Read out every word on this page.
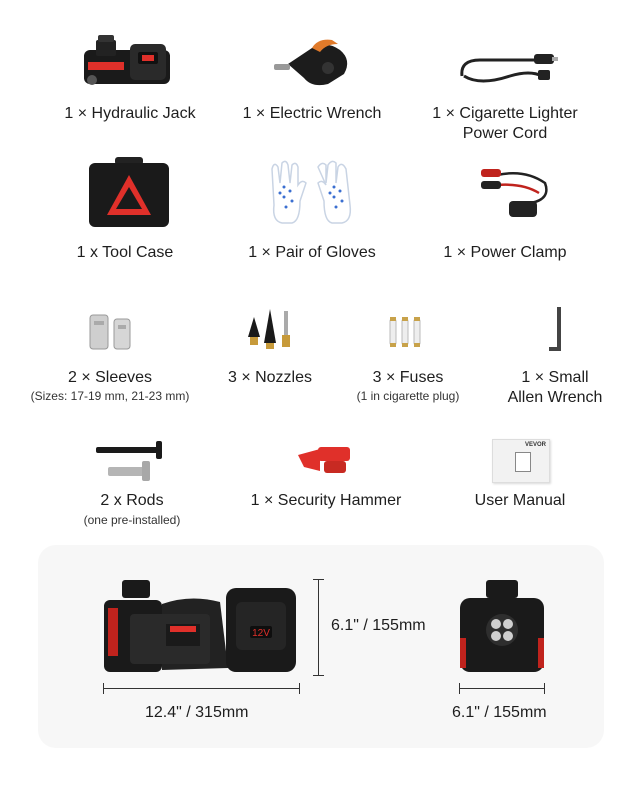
1 × Hydraulic Jack	1 × Electric Wrench	1 × Cigarette Lighter
Power Cord
1 x Tool Case	1 × Pair of Gloves	1 × Power Clamp
2 × Sleeves
(Sizes: 17-19 mm, 21-23 mm)
3 × Nozzles	3 × Fuses
(1 in cigarette plug)
1 × Small
Allen Wrench
2 x Rods
(one pre-installed)
1 × Security Hammer
VEVOR
User Manual
12V
12.4" / 315mm
6.1" / 155mm
6.1" / 155mm
